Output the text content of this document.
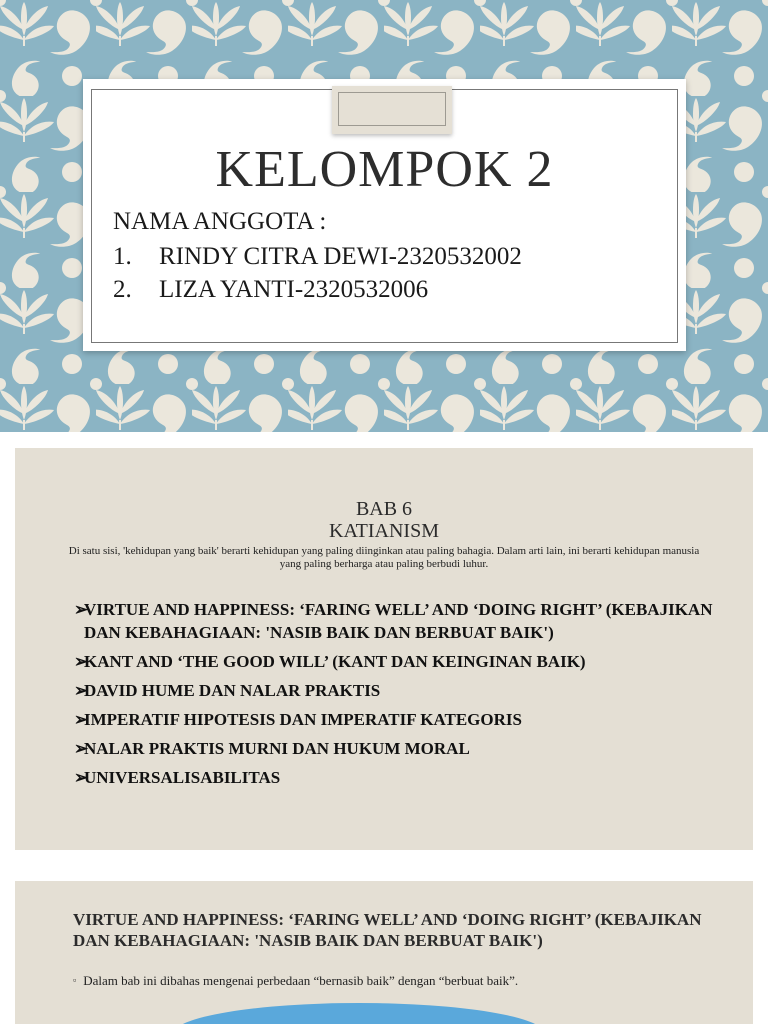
KELOMPOK 2
NAMA ANGGOTA :
1. RINDY CITRA DEWI-2320532002
2. LIZA YANTI-2320532006
BAB 6
KATIANISM
Di satu sisi, 'kehidupan yang baik' berarti kehidupan yang paling diinginkan atau paling bahagia. Dalam arti lain, ini berarti kehidupan manusia yang paling berharga atau paling berbudi luhur.
➢VIRTUE AND HAPPINESS: ‘FARING WELL’ AND ‘DOING RIGHT’ (KEBAJIKAN DAN KEBAHAGIAAN: 'NASIB BAIK DAN BERBUAT BAIK')
➢KANT AND ‘THE GOOD WILL’ (KANT DAN KEINGINAN BAIK)
➢DAVID HUME DAN NALAR PRAKTIS
➢IMPERATIF HIPOTESIS DAN IMPERATIF KATEGORIS
➢NALAR PRAKTIS MURNI DAN HUKUM MORAL
➢UNIVERSALISABILITAS
VIRTUE AND HAPPINESS: ‘FARING WELL’ AND ‘DOING RIGHT’ (KEBAJIKAN DAN KEBAHAGIAAN: 'NASIB BAIK DAN BERBUAT BAIK')
▫ Dalam bab ini dibahas mengenai perbedaan “bernasib baik” dengan “berbuat baik”.
